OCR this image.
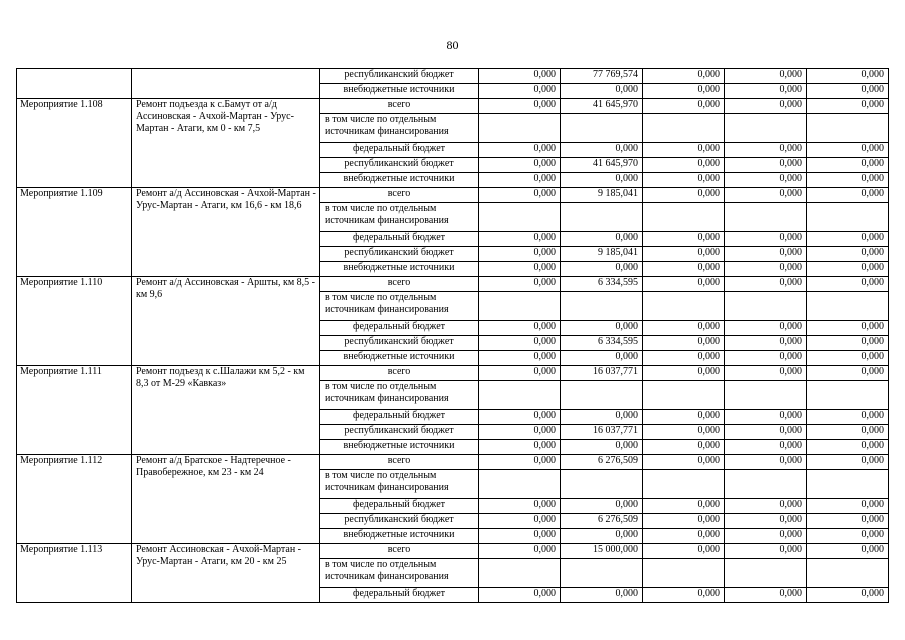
80
		республиканский бюджет	0,000	77 769,574	0,000	0,000	0,000
		внебюджетные источники	0,000	0,000	0,000	0,000	0,000
Мероприятие 1.108	Ремонт подъезда к с.Бамут от а/д Ассиновская - Ачхой-Мартан - Урус-Мартан - Атаги, км 0 - км 7,5	всего	0,000	41 645,970	0,000	0,000	0,000
		в том числе по отдельным источникам финансирования					
		федеральный бюджет	0,000	0,000	0,000	0,000	0,000
		республиканский бюджет	0,000	41 645,970	0,000	0,000	0,000
		внебюджетные источники	0,000	0,000	0,000	0,000	0,000
Мероприятие 1.109	Ремонт а/д Ассиновская - Ачхой-Мартан - Урус-Мартан - Атаги, км 16,6 - км 18,6	всего	0,000	9 185,041	0,000	0,000	0,000
		в том числе по отдельным источникам финансирования					
		федеральный бюджет	0,000	0,000	0,000	0,000	0,000
		республиканский бюджет	0,000	9 185,041	0,000	0,000	0,000
		внебюджетные источники	0,000	0,000	0,000	0,000	0,000
Мероприятие 1.110	Ремонт а/д Ассиновская - Аршты, км 8,5 - км 9,6	всего	0,000	6 334,595	0,000	0,000	0,000
		в том числе по отдельным источникам финансирования					
		федеральный бюджет	0,000	0,000	0,000	0,000	0,000
		республиканский бюджет	0,000	6 334,595	0,000	0,000	0,000
		внебюджетные источники	0,000	0,000	0,000	0,000	0,000
Мероприятие 1.111	Ремонт подъезд к с.Шалажи км 5,2 - км 8,3 от М-29 «Кавказ»	всего	0,000	16 037,771	0,000	0,000	0,000
		в том числе по отдельным источникам финансирования					
		федеральный бюджет	0,000	0,000	0,000	0,000	0,000
		республиканский бюджет	0,000	16 037,771	0,000	0,000	0,000
		внебюджетные источники	0,000	0,000	0,000	0,000	0,000
Мероприятие 1.112	Ремонт а/д Братское - Надтеречное - Правобережное, км 23 - км 24	всего	0,000	6 276,509	0,000	0,000	0,000
		в том числе по отдельным источникам финансирования					
		федеральный бюджет	0,000	0,000	0,000	0,000	0,000
		республиканский бюджет	0,000	6 276,509	0,000	0,000	0,000
		внебюджетные источники	0,000	0,000	0,000	0,000	0,000
Мероприятие 1.113	Ремонт Ассиновская - Ачхой-Мартан - Урус-Мартан - Атаги, км 20 - км 25	всего	0,000	15 000,000	0,000	0,000	0,000
		в том числе по отдельным источникам финансирования					
		федеральный бюджет	0,000	0,000	0,000	0,000	0,000
